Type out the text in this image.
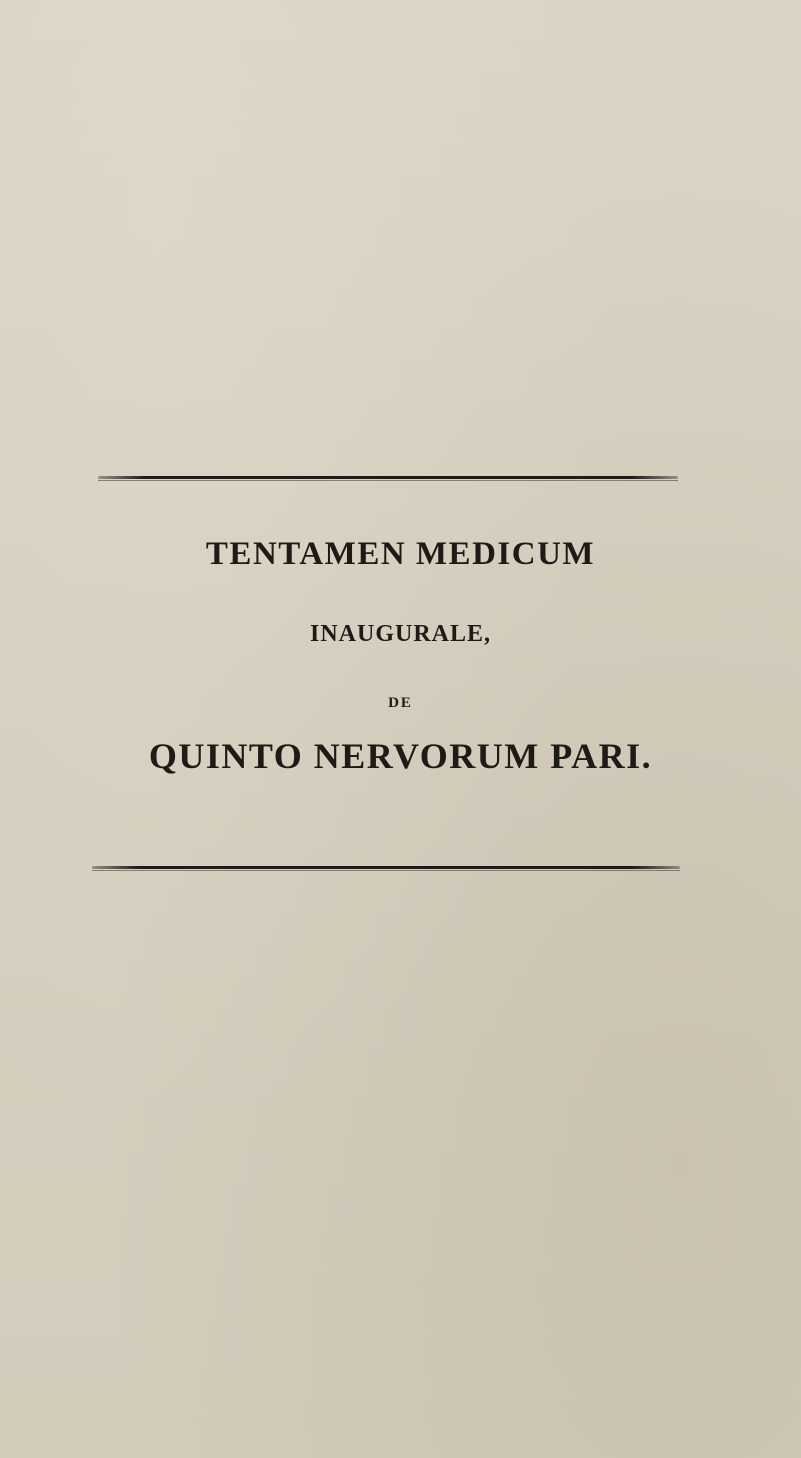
TENTAMEN MEDICUM
INAUGURALE,
DE
QUINTO NERVORUM PARI.
